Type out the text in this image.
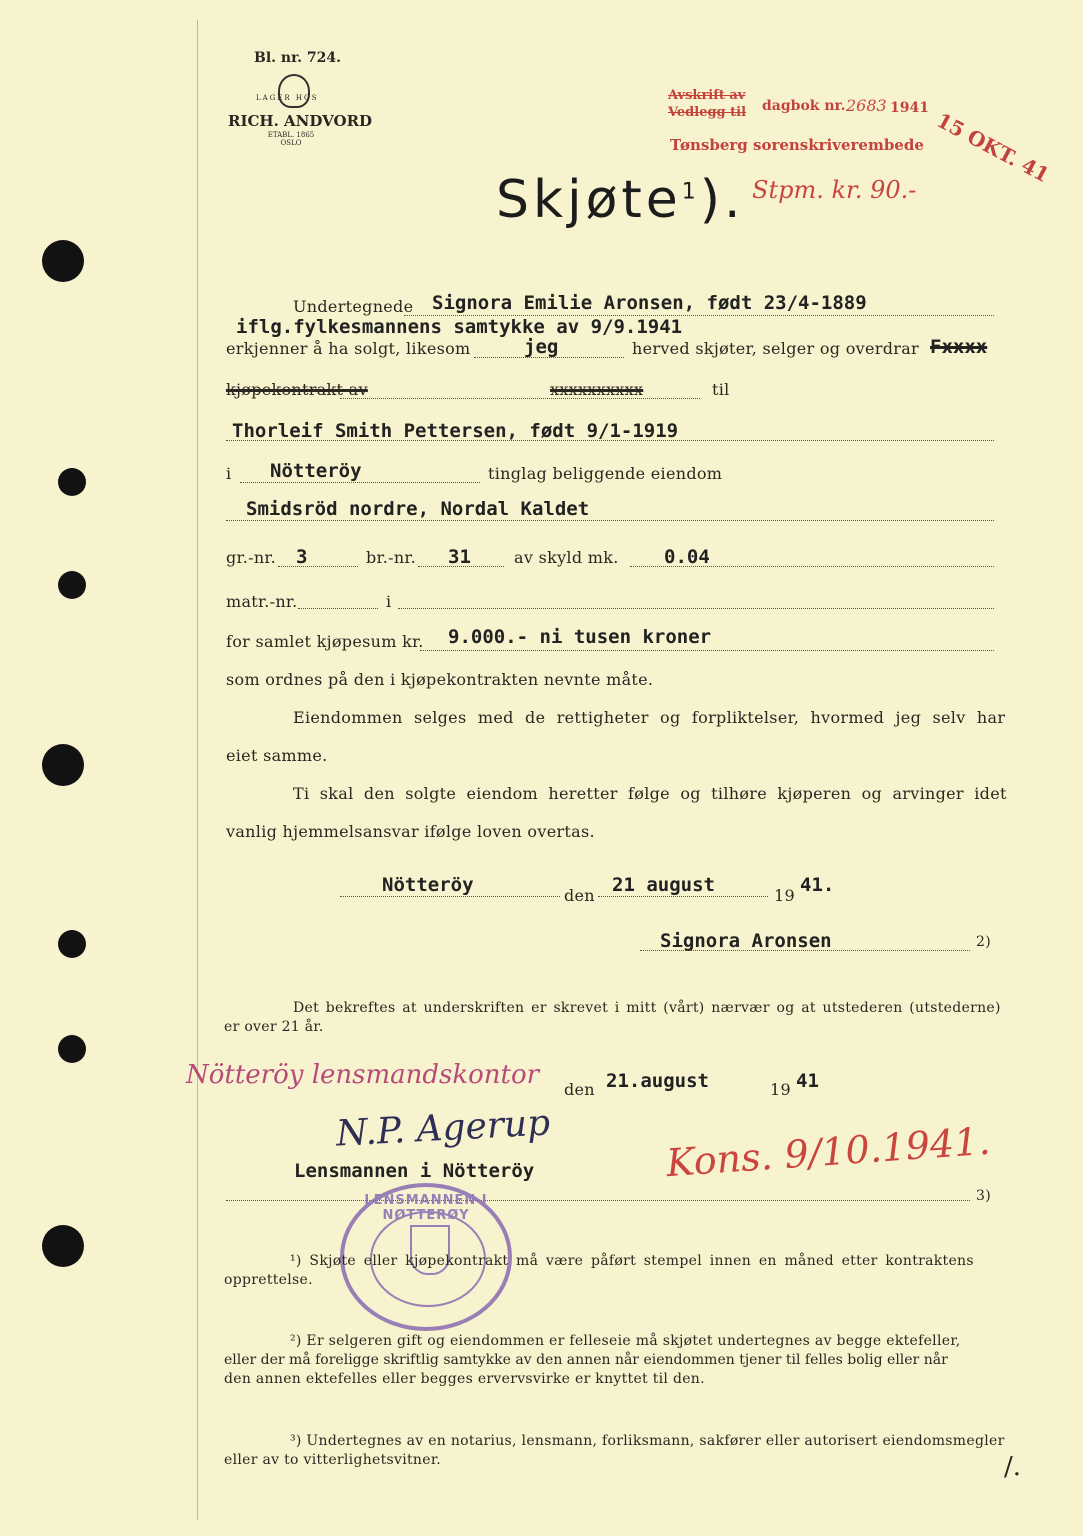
Bl. nr. 724.
LAGER HOS
RICH. ANDVORD
ETABL. 1865 OSLO
Avskrift av
Vedlegg til dagbok nr. 2683 1941 15 OKT. 41
Tønsberg sorenskriverembede
Skjøte$^1$). Stpm. kr. 90.-
Undertegnede Signora Emilie Aronsen, født 23/4-1889
iflg.fylkesmannens samtykke av 9/9.1941
erkjenner å ha solgt, likesom	jeg	herved skjøter, selger og overdrar Fxxxx
kjøpekontrakt av	xxxxxxxxxx	til
Thorleif Smith Pettersen, født 9/1-1919
i Nötteröy	tinglag beliggende eiendom
Smidsröd nordre, Nordal Kaldet
gr.-nr. 3	br.-nr. 31	av skyld mk. 0.04
matr.-nr.	i
for samlet kjøpesum kr. 9.000.- ni tusen kroner
som ordnes på den i kjøpekontrakten nevnte måte.
Eiendommen selges med de rettigheter og forpliktelser, hvormed jeg selv har
eiet samme.
Ti skal den solgte eiendom heretter følge og tilhøre kjøperen og arvinger idet
vanlig hjemmelsansvar ifølge loven overtas.
Nötteröy	den 21 august	19 41.
Signora Aronsen	2)
Det bekreftes at underskriften er skrevet i mitt (vårt) nærvær og at utstederen (utstederne)
er over 21 år.
Nötteröy lensmandskontor den 21.august	19 41
N.P. Agerup
Lensmannen i Nötteröy
3)
Kons. 9/10.1941.
LENSMANNEN I NØTTERØY
¹) Skjøte eller kjøpekontrakt må være påført stempel innen en måned etter kontraktens
opprettelse.
²) Er selgeren gift og eiendommen er felleseie må skjøtet undertegnes av begge ektefeller,
eller der må foreligge skriftlig samtykke av den annen når eiendommen tjener til felles bolig eller når
den annen ektefelles eller begges ervervsvirke er knyttet til den.
³) Undertegnes av en notarius, lensmann, forliksmann, sakfører eller autorisert eiendomsmegler
eller av to vitterlighetsvitner.	/.
